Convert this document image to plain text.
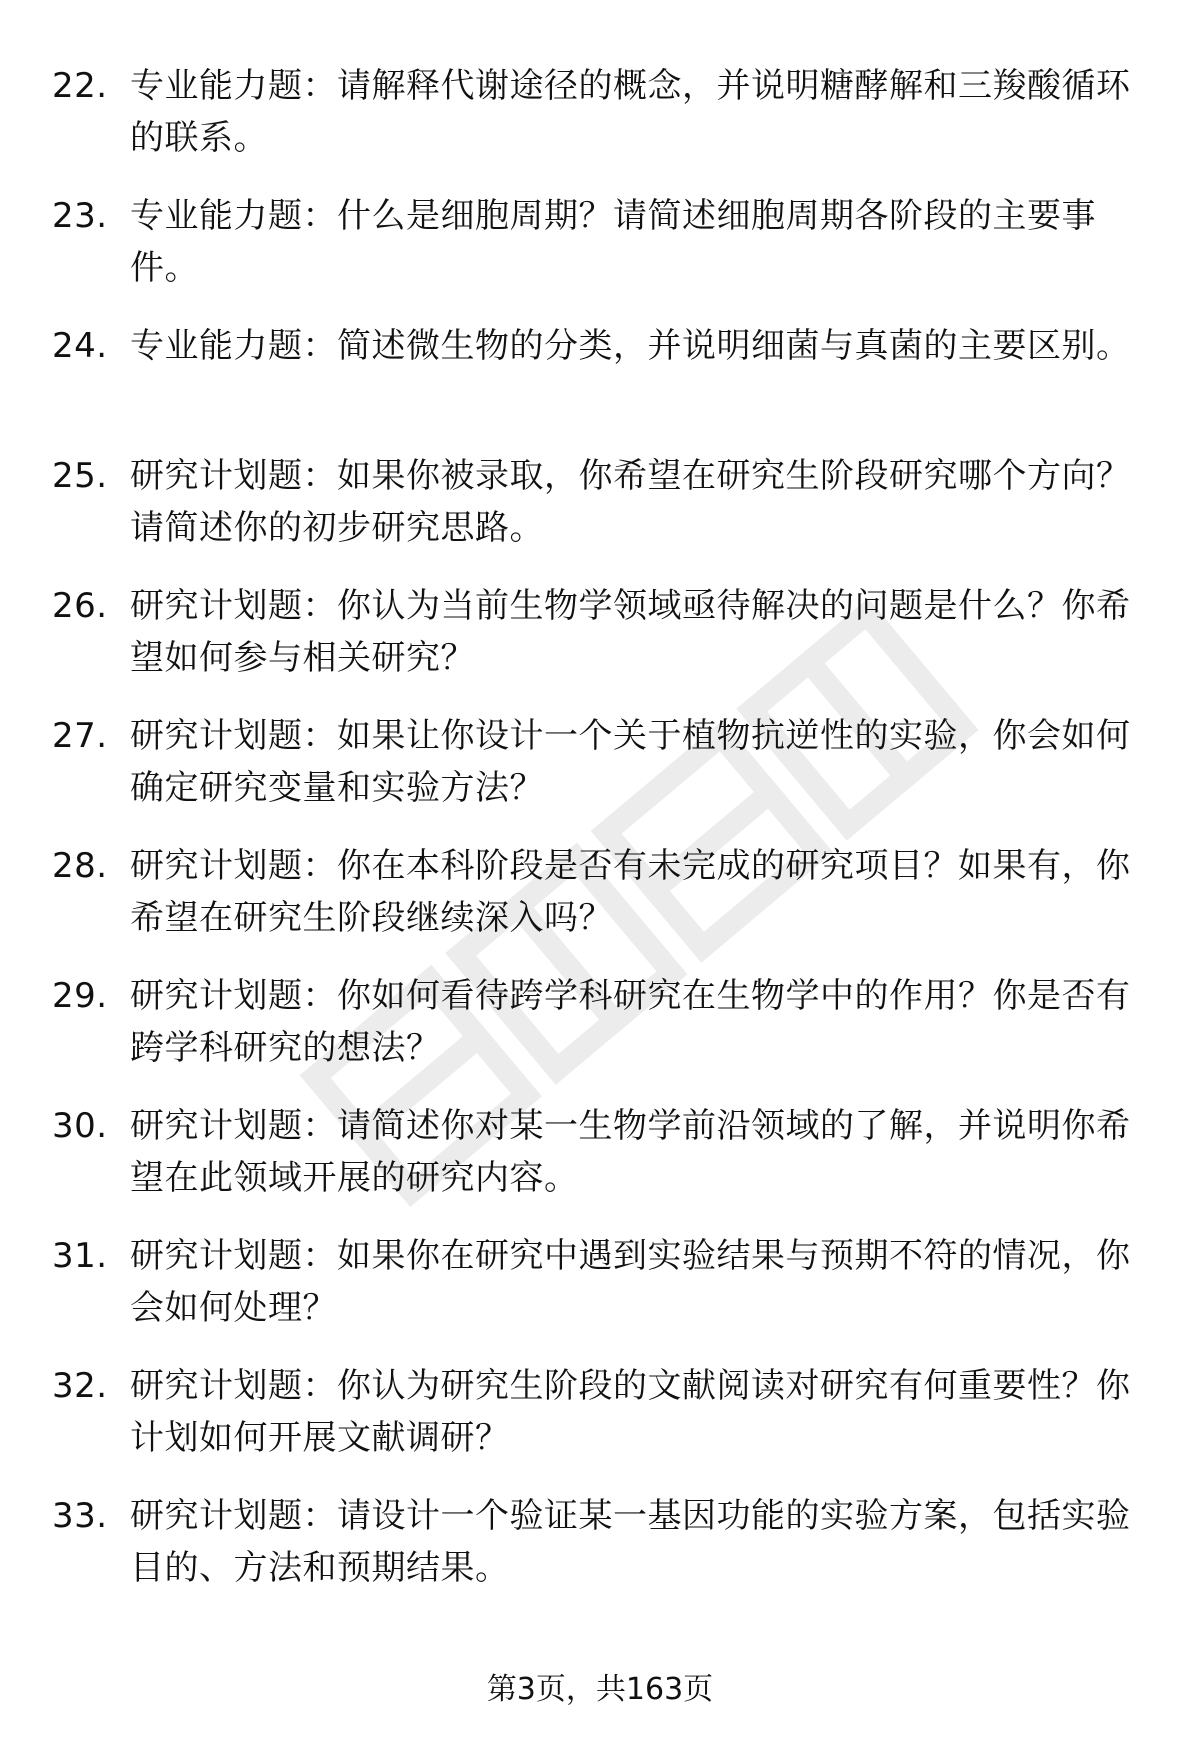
22. 专业能力题：请解释代谢途径的概念，并说明糖酵解和三羧酸循环的联系。
23. 专业能力题：什么是细胞周期？请简述细胞周期各阶段的主要事件。
24. 专业能力题：简述微生物的分类，并说明细菌与真菌的主要区别。
25. 研究计划题：如果你被录取，你希望在研究生阶段研究哪个方向？请简述你的初步研究思路。
26. 研究计划题：你认为当前生物学领域亟待解决的问题是什么？你希望如何参与相关研究？
27. 研究计划题：如果让你设计一个关于植物抗逆性的实验，你会如何确定研究变量和实验方法？
28. 研究计划题：你在本科阶段是否有未完成的研究项目？如果有，你希望在研究生阶段继续深入吗？
29. 研究计划题：你如何看待跨学科研究在生物学中的作用？你是否有跨学科研究的想法？
30. 研究计划题：请简述你对某一生物学前沿领域的了解，并说明你希望在此领域开展的研究内容。
31. 研究计划题：如果你在研究中遇到实验结果与预期不符的情况，你会如何处理？
32. 研究计划题：你认为研究生阶段的文献阅读对研究有何重要性？你计划如何开展文献调研？
33. 研究计划题：请设计一个验证某一基因功能的实验方案，包括实验目的、方法和预期结果。
第3页，共163页
